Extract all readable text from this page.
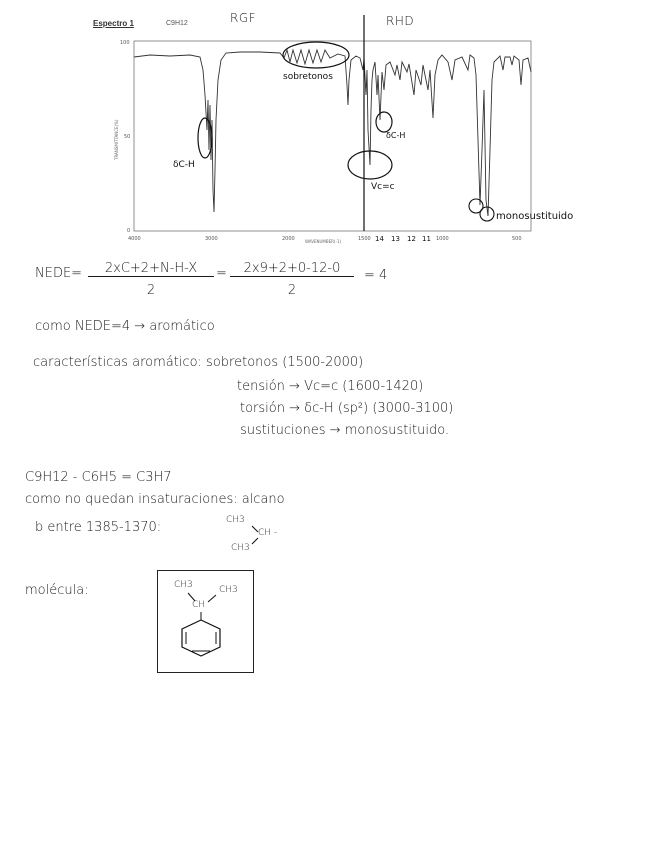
Espectro 1	C9H12	RGF	RHD
100
50
0
TRANSMITTANCE(%)
4000	3000	2000	1500	1000	500
WAVENUMBER(-1)
sobretonos
δC-H
δC-H
Vc=c
monosustituido
14 13 12 11
NEDE=	2xC+2+N-H-X
2
=	2x9+2+0-12-0
2
= 4
como NEDE=4 → aromático
características aromático: sobretonos (1500-2000)
tensión → Vc=c (1600-1420)
torsión → δc-H (sp²) (3000-3100)
sustituciones → monosustituido.
C9H12 - C6H5 = C3H7
como no quedan insaturaciones: alcano
b entre 1385-1370:	CH3
CH -
CH3
molécula:	CH3	CH3
CH
